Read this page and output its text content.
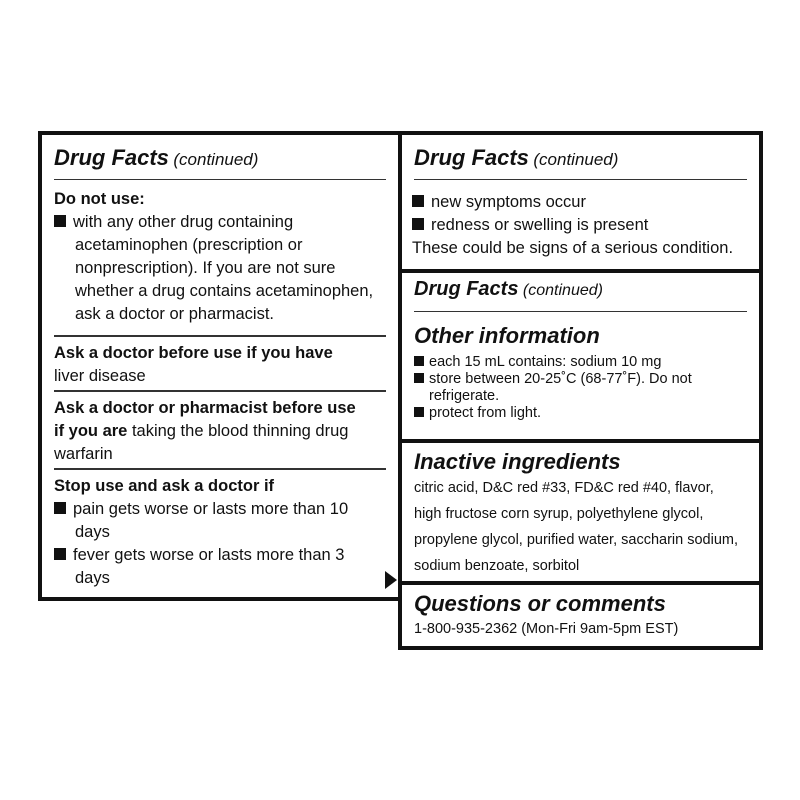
Drug Facts (continued)
Do not use:
with any other drug containing
acetaminophen (prescription or
nonprescription). If you are not sure
whether a drug contains acetaminophen,
ask a doctor or pharmacist.
Ask a doctor before use if you have
liver disease
Ask a doctor or pharmacist before use
if you are taking the blood thinning drug
warfarin
Stop use and ask a doctor if
pain gets worse or lasts more than 10
days
fever gets worse or lasts more than 3
days
Drug Facts (continued)
new symptoms occur
redness or swelling is present
These could be signs of a serious condition.
Drug Facts (continued)
Other information
each 15 mL contains: sodium 10 mg
store between 20-25˚C (68-77˚F). Do not
refrigerate.
protect from light.
Inactive ingredients
citric acid, D&C red #33, FD&C red #40, flavor,
high fructose corn syrup, polyethylene glycol,
propylene glycol, purified water, saccharin sodium,
sodium benzoate, sorbitol
Questions or comments
1-800-935-2362 (Mon-Fri 9am-5pm EST)
